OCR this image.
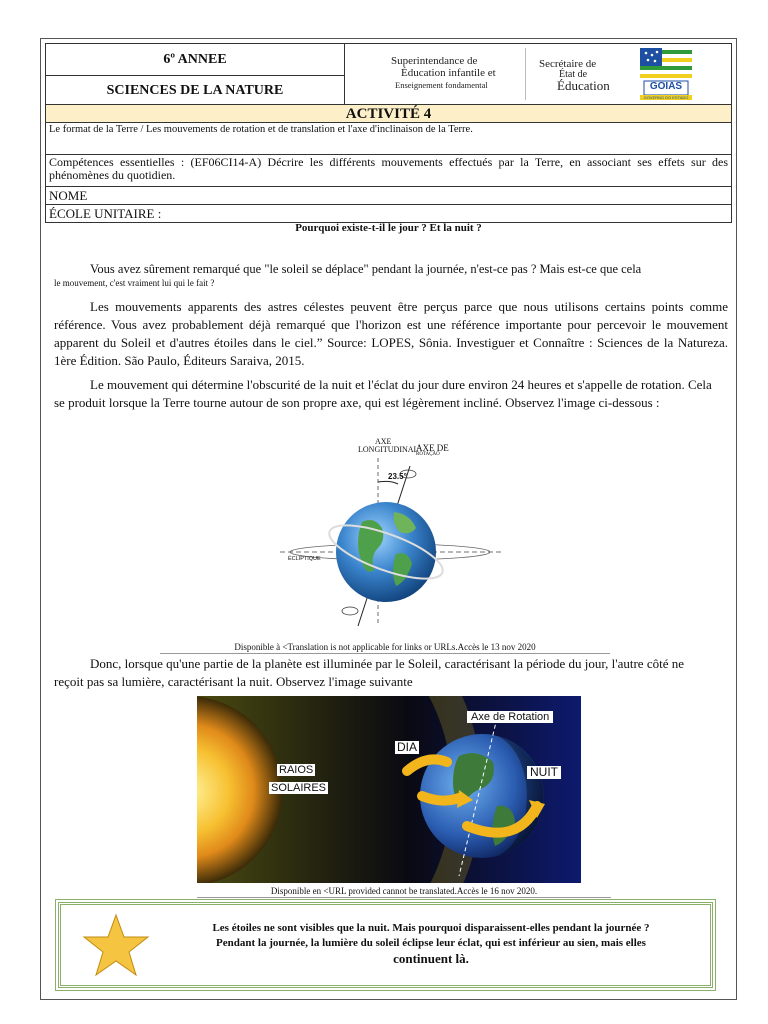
6º ANNEE
SCIENCES DE LA NATURE
Superintendance de
Éducation infantile et
Enseignement fondamental
Secrétaire de
État de
Éducation	GOIAS
GOVERNO DO ESTADO
ACTIVITÉ 4
Le format de la Terre / Les mouvements de rotation et de translation et l'axe d'inclinaison de la Terre.
Compétences essentielles : (EF06CI14-A) Décrire les différents mouvements effectués par la Terre, en associant ses effets sur des phénomènes du quotidien.
NOME
ÉCOLE UNITAIRE :
Pourquoi existe-t-il le jour ? Et la nuit ?
Vous avez sûrement remarqué que "le soleil se déplace" pendant la journée, n'est-ce pas ? Mais est-ce que cela
le mouvement, c'est vraiment lui qui le fait ?
Les mouvements apparents des astres célestes peuvent être perçus parce que nous utilisons certains points comme référence. Vous avez probablement déjà remarqué que l'horizon est une référence importante pour percevoir le mouvement apparent du Soleil et d'autres étoiles dans le ciel.” Source: LOPES, Sônia. Investiguer et Connaître : Sciences de la Natureza. 1ère Édition. São Paulo, Éditeurs Saraiva, 2015.
Le mouvement qui détermine l'obscurité de la nuit et l'éclat du jour dure environ 24 heures et s'appelle de rotation. Cela se produit lorsque la Terre tourne autour de son propre axe, qui est légèrement incliné. Observez l'image ci-dessous :
AXE
LONGITUDINAL
AXE DE
ROTAÇÃO
23.5°
ÉCLIPTIQUE
Disponible à <Translation is not applicable for links or URLs.Accès le 13 nov 2020
Donc, lorsque qu'une partie de la planète est illuminée par le Soleil, caractérisant la période du jour, l'autre côté ne reçoit pas sa lumière, caractérisant la nuit. Observez l'image suivante
RAIOS
SOLAIRES
DIA
NUIT
Axe de Rotation
Disponible en <URL provided cannot be translated.Accès le 16 nov 2020.
Les étoiles ne sont visibles que la nuit. Mais pourquoi disparaissent-elles pendant la journée ?
Pendant la journée, la lumière du soleil éclipse leur éclat, qui est inférieur au sien, mais elles
continuent là.
